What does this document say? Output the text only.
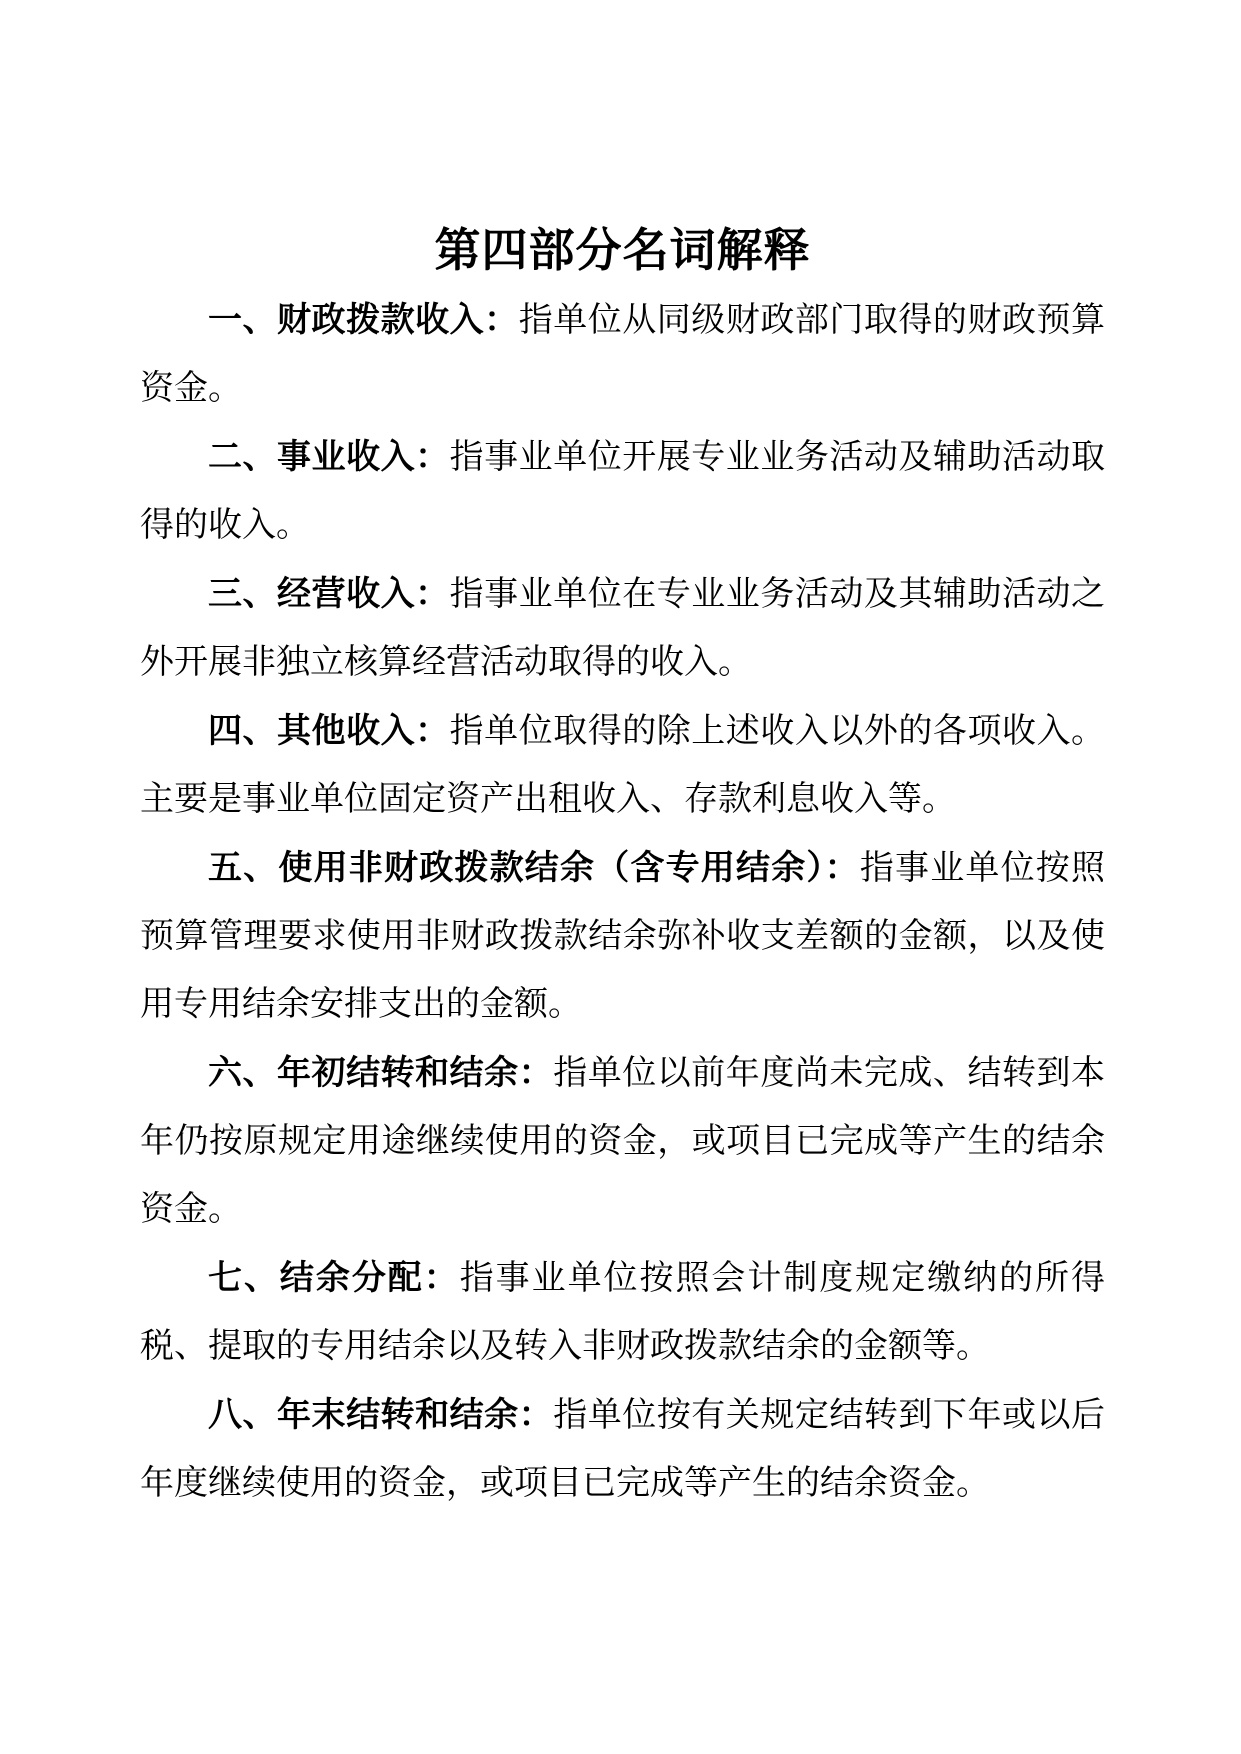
第四部分名词解释

一、财政拨款收入：指单位从同级财政部门取得的财政预算资金。

二、事业收入：指事业单位开展专业业务活动及辅助活动取得的收入。

三、经营收入：指事业单位在专业业务活动及其辅助活动之外开展非独立核算经营活动取得的收入。

四、其他收入：指单位取得的除上述收入以外的各项收入。主要是事业单位固定资产出租收入、存款利息收入等。

五、使用非财政拨款结余（含专用结余）：指事业单位按照预算管理要求使用非财政拨款结余弥补收支差额的金额，以及使用专用结余安排支出的金额。

六、年初结转和结余：指单位以前年度尚未完成、结转到本年仍按原规定用途继续使用的资金，或项目已完成等产生的结余资金。

七、结余分配：指事业单位按照会计制度规定缴纳的所得税、提取的专用结余以及转入非财政拨款结余的金额等。

八、年末结转和结余：指单位按有关规定结转到下年或以后年度继续使用的资金，或项目已完成等产生的结余资金。
